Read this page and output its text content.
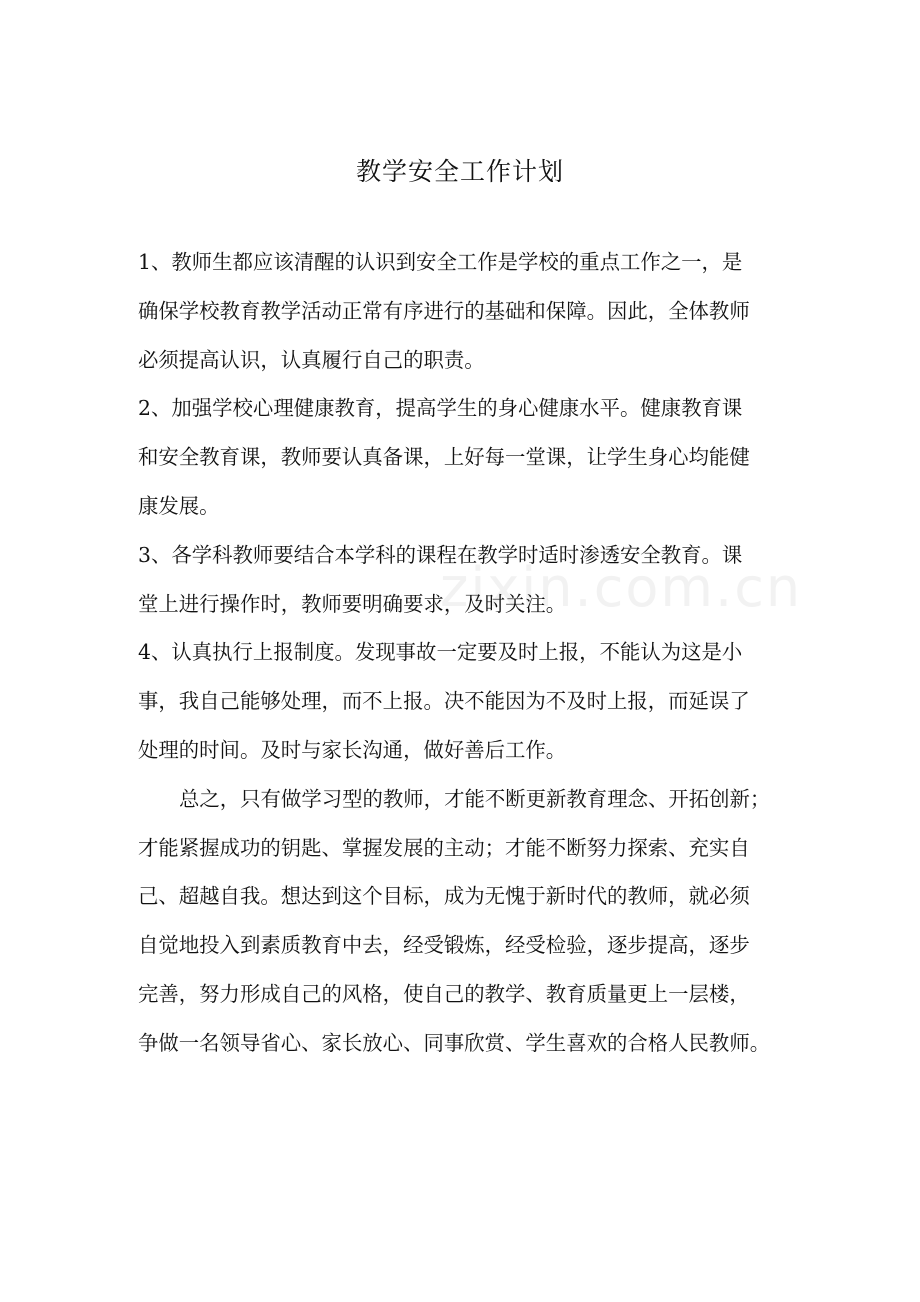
zixin.com.cn
教学安全工作计划
1、教师生都应该清醒的认识到安全工作是学校的重点工作之一，是
确保学校教育教学活动正常有序进行的基础和保障。因此，全体教师
必须提高认识，认真履行自己的职责。
2、加强学校心理健康教育，提高学生的身心健康水平。健康教育课
和安全教育课，教师要认真备课，上好每一堂课，让学生身心均能健
康发展。
3、各学科教师要结合本学科的课程在教学时适时渗透安全教育。课
堂上进行操作时，教师要明确要求，及时关注。
4、认真执行上报制度。发现事故一定要及时上报，不能认为这是小
事，我自己能够处理，而不上报。决不能因为不及时上报，而延误了
处理的时间。及时与家长沟通，做好善后工作。
总之，只有做学习型的教师，才能不断更新教育理念、开拓创新；
才能紧握成功的钥匙、掌握发展的主动；才能不断努力探索、充实自
己、超越自我。想达到这个目标，成为无愧于新时代的教师，就必须
自觉地投入到素质教育中去，经受锻炼，经受检验，逐步提高，逐步
完善，努力形成自己的风格，使自己的教学、教育质量更上一层楼，
争做一名领导省心、家长放心、同事欣赏、学生喜欢的合格人民教师。
